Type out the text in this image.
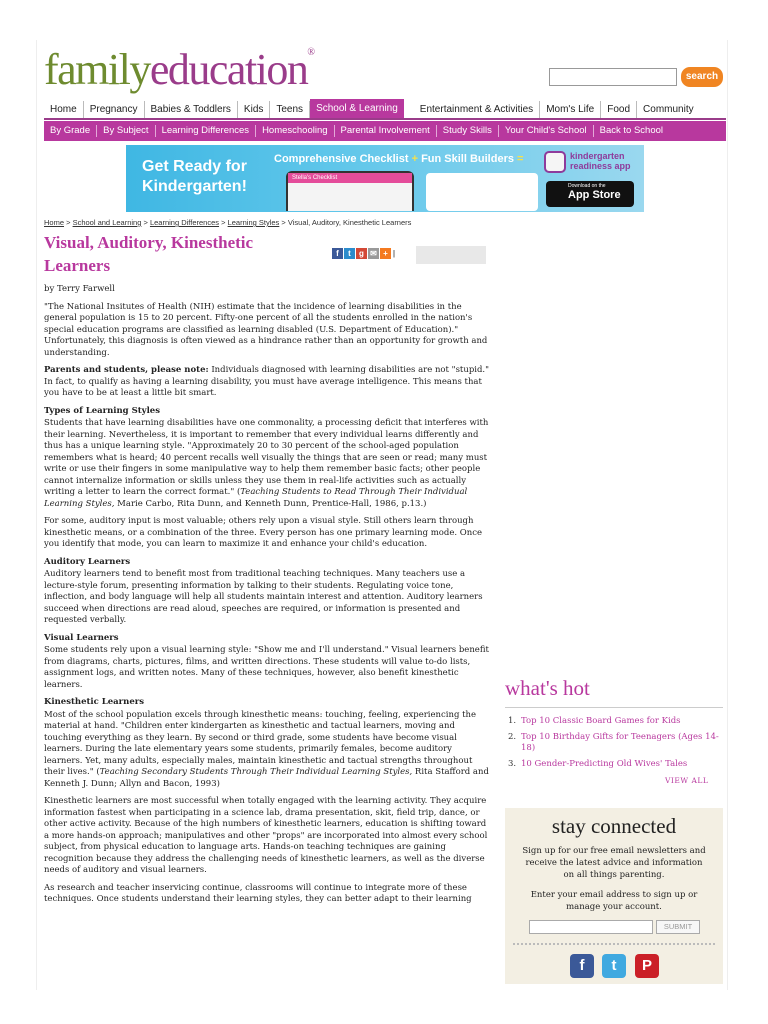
familyeducation®
search
Home	Pregnancy	Babies & Toddlers	Kids	Teens	School & Learning	Entertainment & Activities	Mom's Life	Food	Community
By Grade	By Subject	Learning Differences	Homeschooling	Parental Involvement	Study Skills	Your Child's School	Back to School
Get Ready for
Kindergarten!
Comprehensive Checklist + Fun Skill Builders =
Stella's Checklist
kindergarten
readiness app
Download on the
App Store
Home > School and Learning > Learning Differences > Learning Styles > Visual, Auditory, Kinesthetic Learners
Visual, Auditory, Kinesthetic
Learners
f	t	g ✉ + |

by Terry Farwell

"The National Insitutes of Health (NIH) estimate that the incidence of learning disabilities in the general population is 15 to 20 percent. Fifty-one percent of all the students enrolled in the nation's special education programs are classified as learning disabled (U.S. Department of Education)." Unfortunately, this diagnosis is often viewed as a hindrance rather than an opportunity for growth and understanding.

Parents and students, please note: Individuals diagnosed with learning disabilities are not "stupid." In fact, to qualify as having a learning disability, you must have average intelligence. This means that you have to be at least a little bit smart.

Types of Learning Styles

Students that have learning disabilities have one commonality, a processing deficit that interferes with their learning. Nevertheless, it is important to remember that every individual learns differently and thus has a unique learning style. "Approximately 20 to 30 percent of the school-aged population remembers what is heard; 40 percent recalls well visually the things that are seen or read; many must write or use their fingers in some manipulative way to help them remember basic facts; other people cannot internalize information or skills unless they use them in real-life activities such as actually writing a letter to learn the correct format." (Teaching Students to Read Through Their Individual Learning Styles, Marie Carbo, Rita Dunn, and Kenneth Dunn, Prentice-Hall, 1986, p.13.)

For some, auditory input is most valuable; others rely upon a visual style. Still others learn through kinesthetic means, or a combination of the three. Every person has one primary learning mode. Once you identify that mode, you can learn to maximize it and enhance your child's education.

Auditory Learners

Auditory learners tend to benefit most from traditional teaching techniques. Many teachers use a lecture-style forum, presenting information by talking to their students. Regulating voice tone, inflection, and body language will help all students maintain interest and attention. Auditory learners succeed when directions are read aloud, speeches are required, or information is presented and requested verbally.

Visual Learners

Some students rely upon a visual learning style: "Show me and I'll understand." Visual learners benefit from diagrams, charts, pictures, films, and written directions. These students will value to-do lists, assignment logs, and written notes. Many of these techniques, however, also benefit kinesthetic learners.

Kinesthetic Learners

Most of the school population excels through kinesthetic means: touching, feeling, experiencing the material at hand. "Children enter kindergarten as kinesthetic and tactual learners, moving and touching everything as they learn. By second or third grade, some students have become visual learners. During the late elementary years some students, primarily females, become auditory learners. Yet, many adults, especially males, maintain kinesthetic and tactual strengths throughout their lives." (Teaching Secondary Students Through Their Individual Learning Styles, Rita Stafford and Kenneth J. Dunn; Allyn and Bacon, 1993)

Kinesthetic learners are most successful when totally engaged with the learning activity. They acquire information fastest when participating in a science lab, drama presentation, skit, field trip, dance, or other active activity. Because of the high numbers of kinesthetic learners, education is shifting toward a more hands-on approach; manipulatives and other "props" are incorporated into almost every school subject, from physical education to language arts. Hands-on teaching techniques are gaining recognition because they address the challenging needs of kinesthetic learners, as well as the diverse needs of auditory and visual learners.

As research and teacher inservicing continue, classrooms will continue to integrate more of these techniques. Once students understand their learning styles, they can better adapt to their learning

what's hot
1. Top 10 Classic Board Games for Kids
2. Top 10 Birthday Gifts for Teenagers (Ages 14-18)
3. 10 Gender-Predicting Old Wives' Tales
VIEW ALL
stay connected
Sign up for our free email newsletters and receive the latest advice and information on all things parenting.
Enter your email address to sign up or manage your account.
SUBMIT
f	t	P
